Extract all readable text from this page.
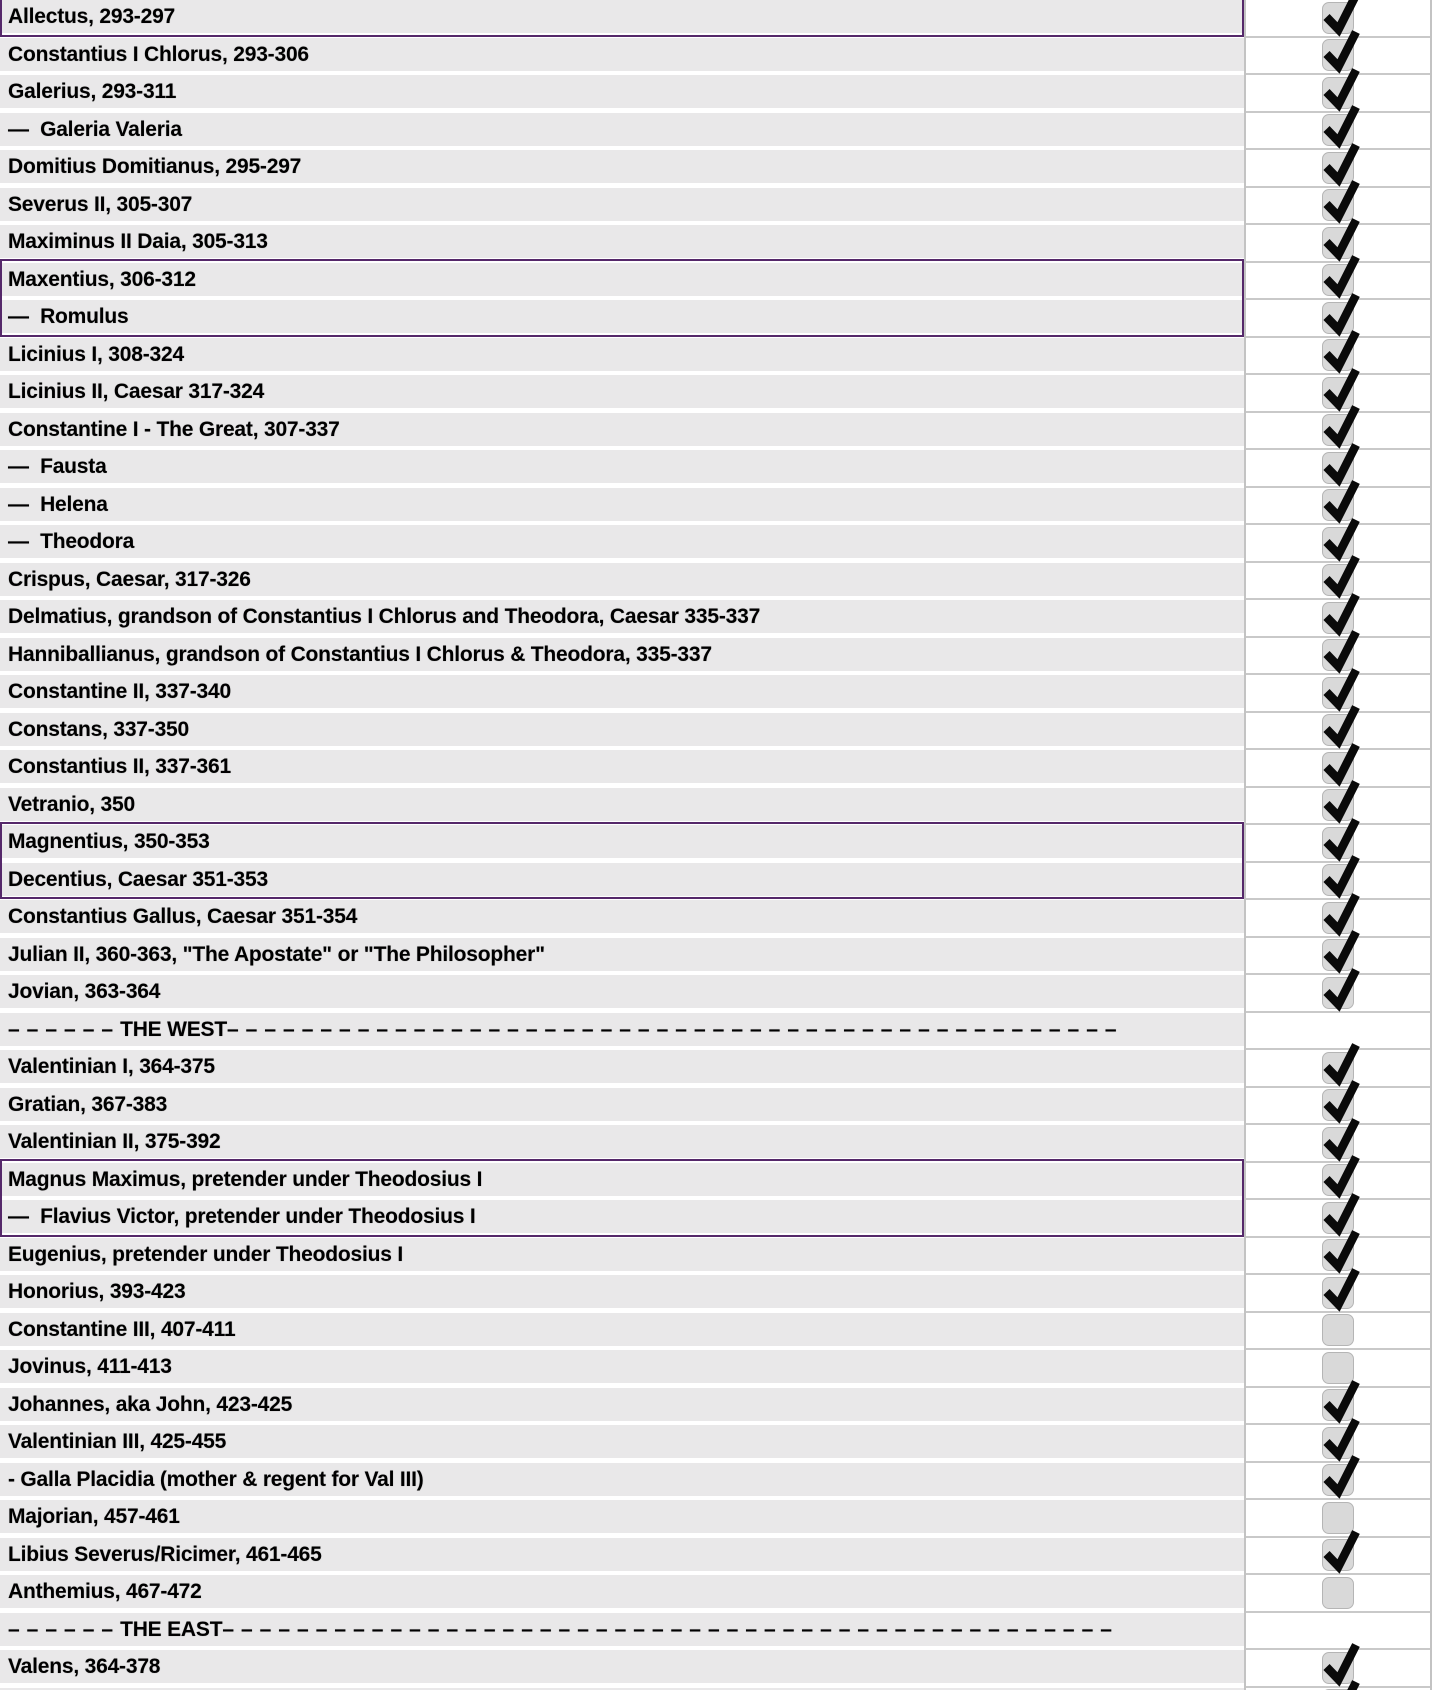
Allectus, 293-297
Constantius I Chlorus, 293-306
Galerius, 293-311
—  Galeria Valeria
Domitius Domitianus, 295-297
Severus II, 305-307
Maximinus II Daia, 305-313
Maxentius, 306-312
—  Romulus
Licinius I, 308-324
Licinius II, Caesar 317-324
Constantine I - The Great, 307-337
—  Fausta
—  Helena
—  Theodora
Crispus, Caesar, 317-326
Delmatius, grandson of Constantius I Chlorus and Theodora, Caesar 335-337
Hanniballianus, grandson of Constantius I Chlorus & Theodora, 335-337
Constantine II, 337-340
Constans, 337-350
Constantius II, 337-361
Vetranio, 350
Magnentius, 350-353
Decentius, Caesar 351-353
Constantius Gallus, Caesar 351-354
Julian II, 360-363, "The Apostate" or "The Philosopher"
Jovian, 363-364
––––––THE WEST––––––––––––––––––––––––––––––––––––––––––––––––
Valentinian I, 364-375
Gratian, 367-383
Valentinian II, 375-392
Magnus Maximus, pretender under Theodosius I
—  Flavius Victor, pretender under Theodosius I
Eugenius, pretender under Theodosius I
Honorius, 393-423
Constantine III, 407-411
Jovinus, 411-413
Johannes, aka John, 423-425
Valentinian III, 425-455
- Galla Placidia (mother & regent for Val III)
Majorian, 457-461
Libius Severus/Ricimer, 461-465
Anthemius, 467-472
––––––THE EAST––––––––––––––––––––––––––––––––––––––––––––––––
Valens, 364-378
